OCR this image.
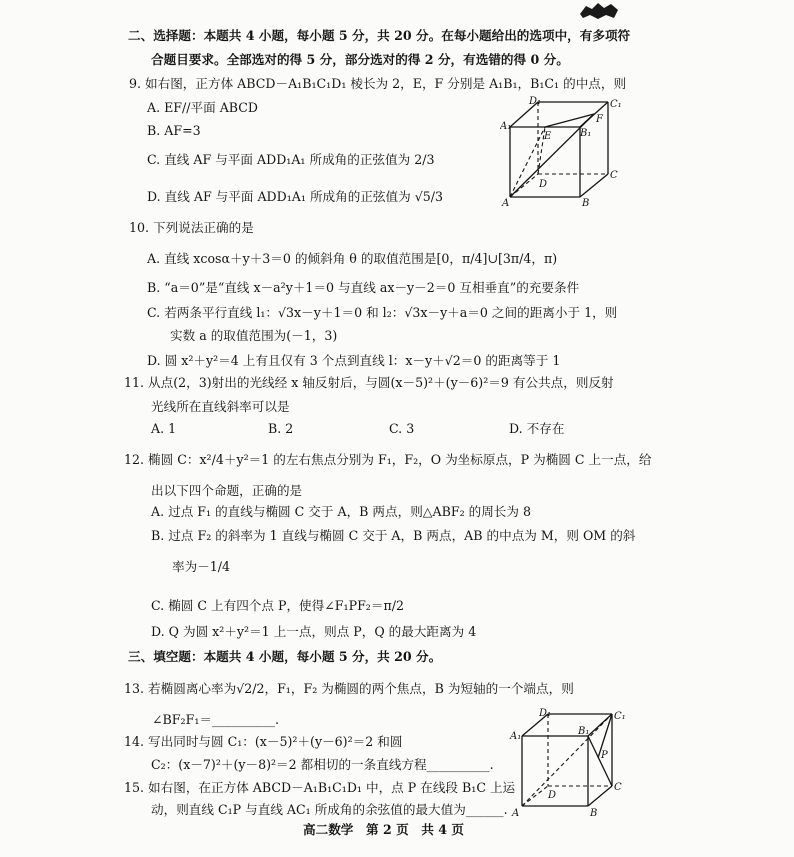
二、选择题：本题共 4 小题，每小题 5 分，共 20 分。在每小题给出的选项中，有多项符
合题目要求。全部选对的得 5 分，部分选对的得 2 分，有选错的得 0 分。
9. 如右图，正方体 ABCD－A₁B₁C₁D₁ 棱长为 2，E，F 分别是 A₁B₁，B₁C₁ 的中点，则
A. EF//平面 ABCD
B. AF=3
C. 直线 AF 与平面 ADD₁A₁ 所成角的正弦值为 2/3
D. 直线 AF 与平面 ADD₁A₁ 所成角的正弦值为 √5/3
D₁	C₁
A₁
E	B₁
F
D
C
A	B
10. 下列说法正确的是
A. 直线 xcosα＋y＋3＝0 的倾斜角 θ 的取值范围是[0，π/4]∪[3π/4，π)
B. “a＝0”是“直线 x－a²y＋1＝0 与直线 ax－y－2＝0 互相垂直”的充要条件
C. 若两条平行直线 l₁：√3x－y＋1＝0 和 l₂：√3x－y＋a＝0 之间的距离小于 1，则
实数 a 的取值范围为(－1，3)
D. 圆 x²＋y²＝4 上有且仅有 3 个点到直线 l：x－y＋√2＝0 的距离等于 1
11. 从点(2，3)射出的光线经 x 轴反射后，与圆(x－5)²＋(y－6)²＝9 有公共点，则反射
光线所在直线斜率可以是
A. 1	B. 2	C. 3	D. 不存在
12. 椭圆 C：x²/4＋y²＝1 的左右焦点分别为 F₁，F₂，O 为坐标原点，P 为椭圆 C 上一点，给
出以下四个命题，正确的是
A. 过点 F₁ 的直线与椭圆 C 交于 A，B 两点，则△ABF₂ 的周长为 8
B. 过点 F₂ 的斜率为 1 直线与椭圆 C 交于 A，B 两点，AB 的中点为 M，则 OM 的斜
率为－1/4
C. 椭圆 C 上有四个点 P，使得∠F₁PF₂＝π/2
D. Q 为圆 x²＋y²＝1 上一点，则点 P，Q 的最大距离为 4
三、填空题：本题共 4 小题，每小题 5 分，共 20 分。
13. 若椭圆离心率为√2/2，F₁，F₂ 为椭圆的两个焦点，B 为短轴的一个端点，则
∠BF₂F₁＝__________.
14. 写出同时与圆 C₁：(x－5)²＋(y－6)²＝2 和圆
C₂：(x－7)²＋(y－8)²＝2 都相切的一条直线方程__________.
15. 如右图，在正方体 ABCD－A₁B₁C₁D₁ 中，点 P 在线段 B₁C 上运
动，则直线 C₁P 与直线 AC₁ 所成角的余弦值的最大值为______.
D₁	C₁
A₁	B₁
P
D
C
A	B
高二数学　第 2 页　共 4 页
